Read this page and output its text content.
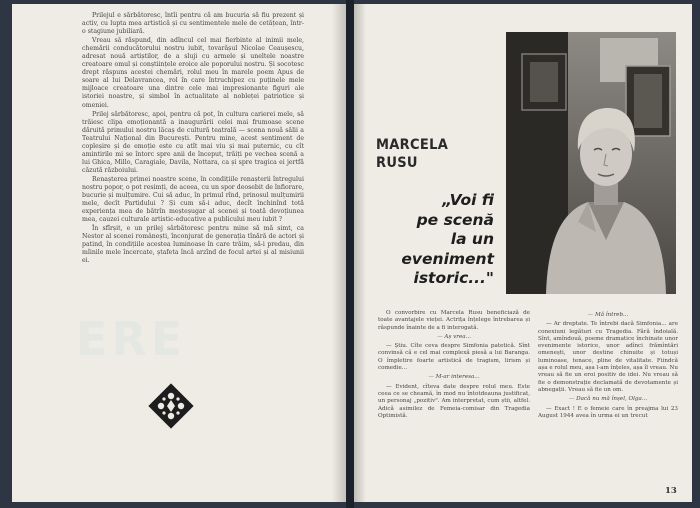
ERE

Prilejul e sărbătoresc, întîi pentru că am bucuria să fiu prezent și activ, cu lupta mea artistică și cu sentimentele mele de cetățean, într-o stagiune jubiliară.

Vreau să răspund, din adîncul cel mai fierbinte al inimii mele, chemării conducătorului nostru iubit, tovarășul Nicolae Ceaușescu, adresat nouă artiștilor, de a sluji cu armele și uneltele noastre creatoare omul și conștiințele eroice ale poporului nostru. Și socotesc drept răspuns acestei chemări, rolul meu în marele poem Apus de soare al lui Delavrancea, rol în care întruchipez cu puținele mele mijloace creatoare una dintre cele mai impresionante figuri ale istoriei noastre, și simbol în actualitate al nobleței patriotice și omeniei.

Prilej sărbătoresc, apoi, pentru că pot, în cultura carierei mele, să trăiesc clipa emoționantă a inaugurării celei mai frumoase scene dăruită primului nostru lăcaș de cultură teatrală — scena nouă sălii a Teatrului Național din București. Pentru mine, acest sentiment de copleșire și de emoție este cu atît mai viu și mai puternic, cu cît amintirile mi se întorc spre anii de început, trăiți pe vechea scenă a lui Ghica, Millo, Caragiale, Davila, Nottara, ca și spre tragica ei jertfă căzută războiului.

Renașterea primei noastre scene, în condițiile renașterii întregului nostru popor, o pot resimți, de aceea, cu un spor deosebit de înfiorare, bucurie și mulțumire. Cui să aduc, în primul rînd, prinosul mulțumirii mele, decît Partidului ? Și cum să-i aduc, decît închinînd totă experiența mea de bătrîn meșteșugar al scenei și toată devoțiunea mea, cauzei culturale artistic-educative a publicului meu iubit ?

În sfîrșit, e un prilej sărbătoresc pentru mine să mă simt, ca Nestor al scenei românești, înconjurat de generația tînără de actori și patind, în condițiile acestea luminoase în care trăim, să-i predau, din mîinile mele încercate, ștafeta încă arzînd de focul artei și al misiunii ei.

MARCELA
RUSU
„Voi fi
pe scenă
la un
eveniment
istoric..."

O convorbire cu Marcela Rusu beneficiază de toate avantajele vieței. Actrița înțelege întrebarea și răspunde înainte de a fi interogată.

— Aș vrea...

— Știu. Cîte ceva despre Simfonia patetică. Sînt convinsă că e cel mai complexă piesă a lui Baranga. O împletire foarte artistică de tragism, lirism și comedie...

— M-ar interesa...

— Evident, cîteva date despre rolul meu. Este ceea ce se cheamă, în mod nu întotdeauna justificat, un personaj „pozitiv". Am interpretat, cum știi, altfel. Adică asimilez de Femeia-comisar din Tragedia Optimistă.

— Mă întreb...

— Ar dreptate. Te întrebi dacă Simfonia... are conexiuni legături cu Tragedia. Fără îndoială. Sînt, amîndouă, poeme dramatice închinate unor evenimente istorice, unor adînci frămîntări omenești, unor destine chinuite și totuși luminoase, tenace, pline de vitalitate. Fiindcă așa e rolul meu, așa l-am înțeles, așa îl vreau. Nu vreau să fie un eroi positiv de idei. Nu vreau să fie o demonstrație declamată de devotamente și abnegații. Vreau să fie un om.

— Dacă nu mă înșel, Olga...

— Exact ! E o femeie care în preajma lui 23 August 1944 avea în urma ei un trecut

13
